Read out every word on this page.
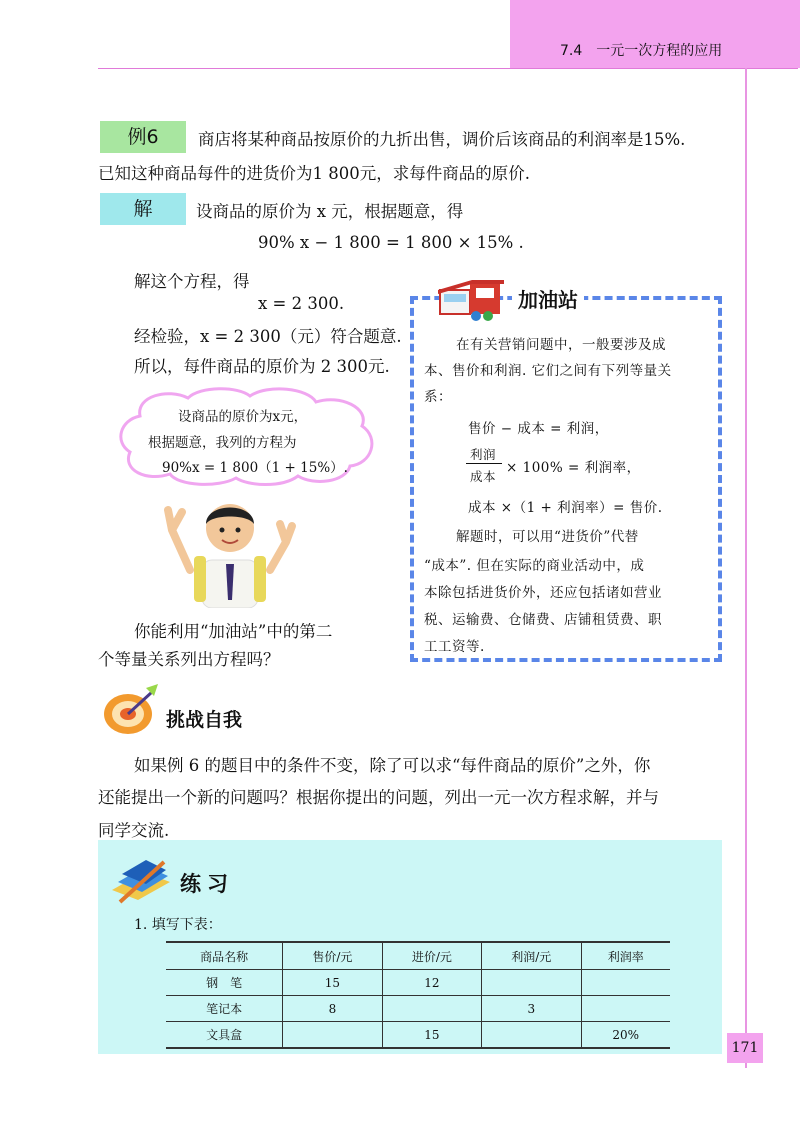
7.4　一元一次方程的应用
例6	商店将某种商品按原价的九折出售，调价后该商品的利润率是15%.
已知这种商品每件的进货价为1 800元，求每件商品的原价.
解	设商品的原价为 x 元，根据题意，得
90% x − 1 800 = 1 800 × 15% .
解这个方程，得
x = 2 300.
经检验，x = 2 300（元）符合题意.
所以，每件商品的原价为 2 300元.
设商品的原价为x元，
根据题意，我列的方程为
90%x = 1 800（1 + 15%）.
你能利用“加油站”中的第二
个等量关系列出方程吗？
加油站
在有关营销问题中，一般要涉及成
本、售价和利润. 它们之间有下列等量关
系：
售价 − 成本 = 利润，
利润
成本
× 100% = 利润率，
成本 ×（1 + 利润率）= 售价.
解题时，可以用“进货价”代替
“成本”. 但在实际的商业活动中，成
本除包括进货价外，还应包括诸如营业
税、运输费、仓储费、店铺租赁费、职
工工资等.
挑战自我
如果例 6 的题目中的条件不变，除了可以求“每件商品的原价”之外，你
还能提出一个新的问题吗？根据你提出的问题，列出一元一次方程求解，并与
同学交流.
练习
1. 填写下表：
商品名称	售价/元	进价/元	利润/元	利润率
钢　笔	15	12		
笔记本	8		3	
文具盒		15		20%
171
